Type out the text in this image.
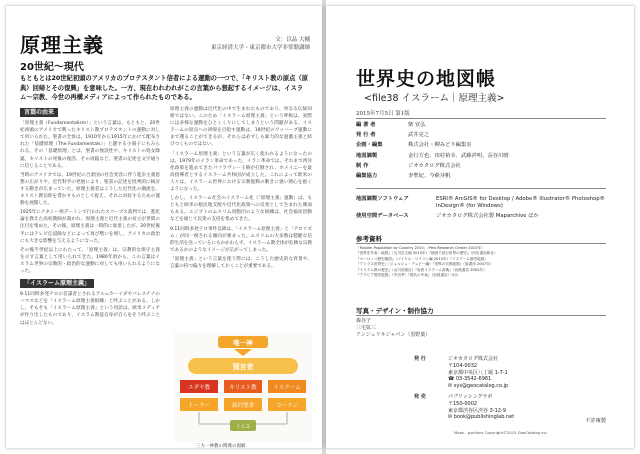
原理主義
20世紀〜現代
文：以品 大輔
東京経済大学・東京都市大学非常勤講師
もともとは20世紀初頭のアメリカのプロテスタント信者による運動の一つで、「キリスト教の原点（原典）回帰とその復興」を意味した。一方、現在われわれがこの言葉から想起するイメージは、イスラム〜宗教、今世の再構メディアによって作られたものである。
言葉の由来

「原理主義（Fundamentalism）」という言葉は、もともと、20世紀初頭のアメリカで興ったキリスト教プロテスタントの運動に対して用いられた。聖書の全体は、1910年から1915年にかけて配布された「基礎原理（The Fundamentals）」と題する小冊子にもみられる。その「基礎原理」とは、聖書の無誤性や、キリストの処女降誕、キリストの死後の復活、その再臨など、聖書の記述を文字通りに信じることである。

当時のアメリカでは、19世紀の合衆国の社会変容に伴う進歩主義思想の広がりや、近代科学の発展により、聖書の記述を批判的に検討する動きが広まっていた。原理主義者はこうした近代化の潮流を、キリスト教信仰を脅かすものとして捉え、それに対抗するための運動を展開した。

1925年にテネシー州デートンで行われたスコープス裁判では、進化論を教えた高校教師が裁かれ、原理主義と近代主義の対立が世間の注目を集めた。その後、原理主義は一時的に衰退したが、20世紀後半にはテレビ伝道師などによって再び勢いを増し、アメリカの政治にも大きな影響を与えるようになった。

その後半世紀以上にわたって、「原理主義」は、宗教的な保守主義を示す言葉として用いられてきた。1980年頃から、この言葉はイスラム世界の宗教的・政治的な運動に対しても用いられるようになった。

「イスラーム原理主義」

9.11同時多発テロの首謀者とされるアル=カーイダやパレスチナのハマスなどを「イスラーム原理主義組織」と呼ぶことがある。しかし、そもそも「イスラーム原理主義」という用語は、欧米メディアが作り出したものであり、イスラム教徒自身が自らをそう呼ぶことはほとんどない。

原理主義の運動は近代化の中で生まれたものであり、単なる伝統回帰ではない。このため「イスラーム原理主義」という呼称は、実際には多様な運動をひとくくりにしてしまうという問題がある。イスラームの原点への回帰を目指す運動は、18世紀のワッハーブ運動にまで遡ることができるが、それらは必ずしも暴力的な過激主義と結びつくものではない。

「イスラーム原理主義」という言葉が広く使われるようになったのは、1979年のイラン革命であった。イラン革命では、それまで西洋化政策を進めてきたパフラヴィー王朝が打倒され、ホメイニーを最高指導者とするイスラーム共和国が成立した。これによって欧米の人々は、イスラーム世界における宗教復興の動きに強い関心を抱くようになった。

しかし、イスラーム社会のイスラーム化（「原理主義」運動）は、もともと欧米の植民地支配や近代化政策への反発として生まれた側面もある。エジプトのムスリム同胞団のような組織は、社会福祉活動などを通じて民衆の支持を集めてきた。

9.11同時多発テロ事件以降は、「イスラーム原理主義」と「テロリズム」が同一視される傾向が強まった。ムスリムの大多数は穏健な信仰生活を送っているにもかかわらず、イスラーム教全体が危険な宗教であるかのようなイメージが広がってしまった。

「原理主義」という言葉を使う際には、こうした歴史的な背景や、言葉の持つ偏りを理解しておくことが重要である。

唯一神
預言者
ユダヤ教	キリスト教	イスラーム
トーラー	新約聖書	コーラン
イエス
三大一神教の関係の図解
世界史の地図帳
<file38 イスラーム｜原理主義>
2015年7月5日 第1版
編 著 者	柴 宜弘
発 行 者	武井克之
企画・編集	株式会社・柳みどり編集室
地図調製	金行方也、田村裕幸、武藤祥明、長谷川晴
制 作	ジオカタログ株式会社
編集協力	李聖妃、今萩芽帆
地図調製ソフトウェア	ESRI® ArcGIS® for Desktop / Adobe® Illustrator® Photoshop® InDesign® (for Windows)
使用空間データベース	ジオカタログ株式会社製 Maparchive ほか
参考資料
「Muslim Population by Country 2010」（Pew Research Center 2010年）
『世界史年表・地図』（吉川弘文館 2015年）『地図で読む世界の歴史』（河出書房新社）
『ヨーロッパ歴史地図』（マイケル・ワイマン編 2012年）『イスラーム歴史地図』
『アトラス世界史』（ジョルジュ・デュビー編）『世界の宗教地図』（原書房 2007年）
『イスラム教の歴史』（山川出版社）『岩波イスラーム辞典』（岩波書店 2002年）
『アラビア歴史地図』（中田考）『現代の中東』（岩波書店）ほか
写真・デザイン・制作協力
森谷子
三宅拡三
アンジェリキジャパン（黒野葉）
発 行	ジオカタログ株式会社
〒104-0032
東京都中央区八丁堀 1-7-1
☎ 03-3542-6961
✉ sys@geocatalog.co.jp
発 売	パブリッシングラボ
〒150-0002
東京都渋谷区渋谷 3-12-9
✉ book@publishinglab.net
不許複製
Maps：portions Copyright©2015 GeoCatalog Inc.
